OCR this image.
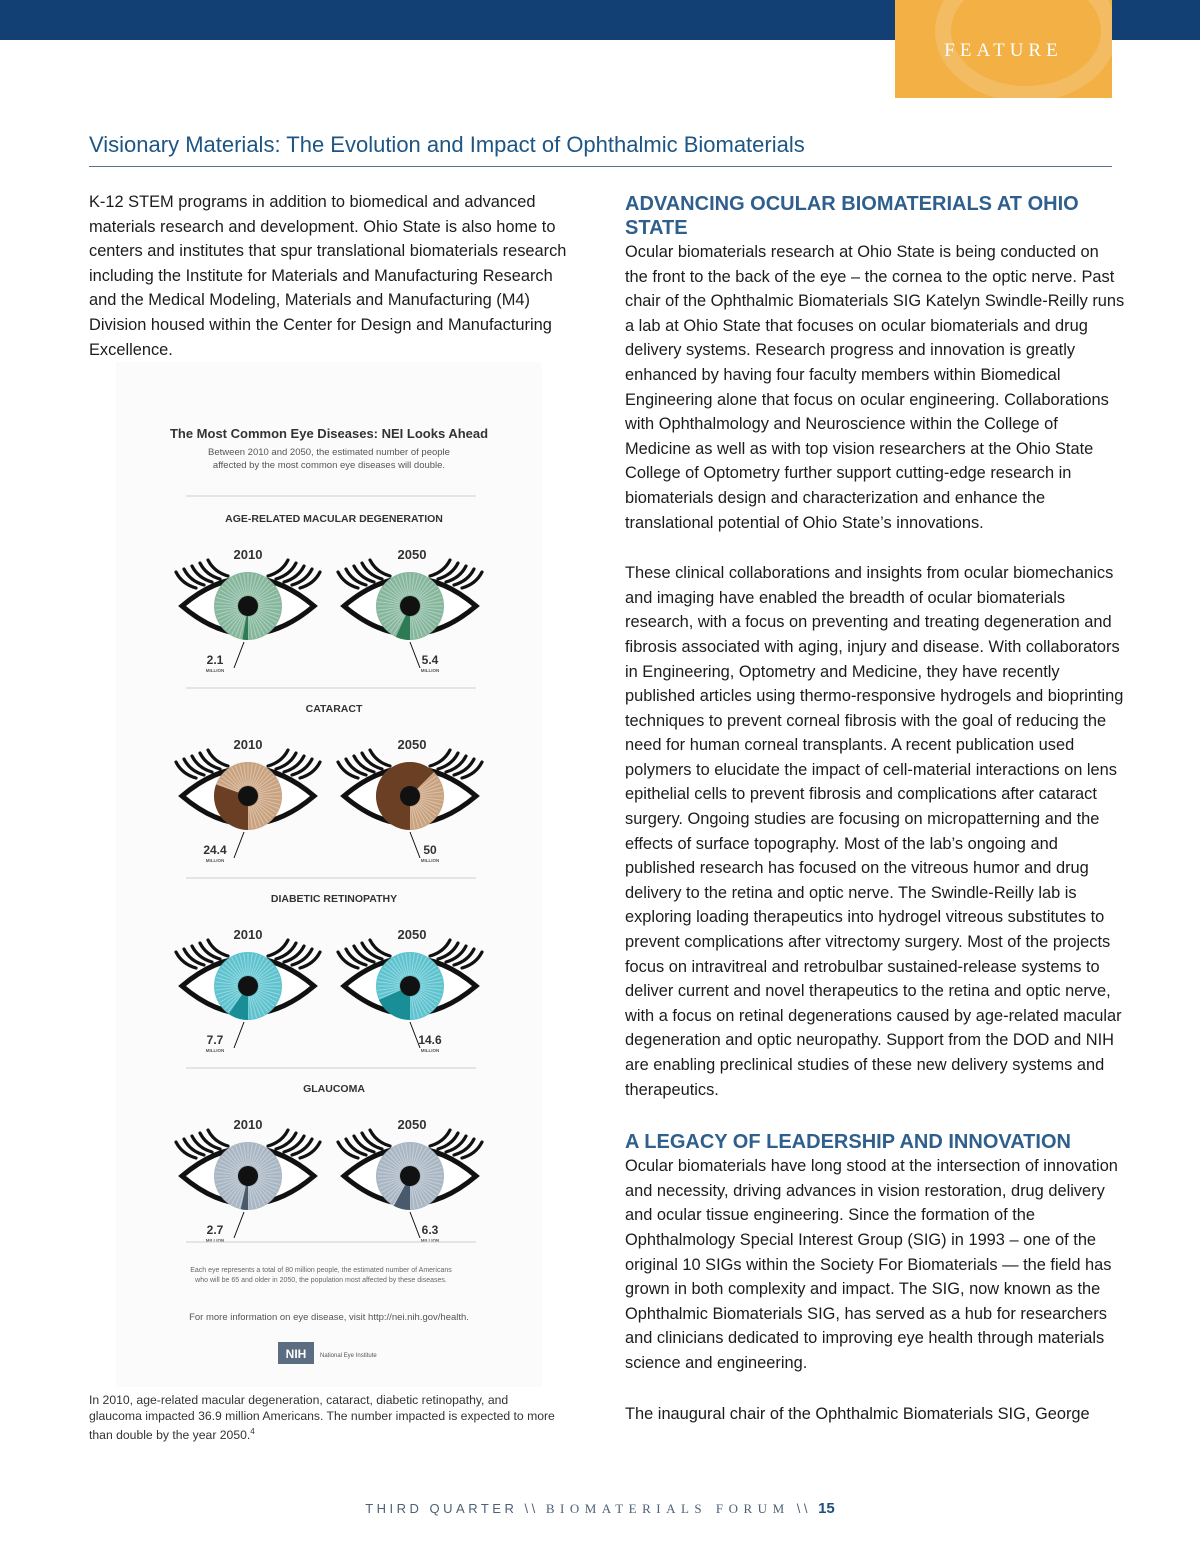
FEATURE
Visionary Materials: The Evolution and Impact of Ophthalmic Biomaterials

K-12 STEM programs in addition to biomedical and advanced materials research and development. Ohio State is also home to centers and institutes that spur translational biomaterials research including the Institute for Materials and Manufacturing Research and the Medical Modeling, Materials and Manufacturing (M4) Division housed within the Center for Design and Manufacturing Excellence.

The Most Common Eye Diseases: NEI Looks Ahead
Between 2010 and 2050, the estimated number of people
affected by the most common eye diseases will double.
AGE-RELATED MACULAR DEGENERATION
2010	2050
2.1
MILLION
5.4
MILLION
CATARACT
2010	2050
24.4
MILLION
50
MILLION
DIABETIC RETINOPATHY
2010	2050
7.7
MILLION
14.6
MILLION
GLAUCOMA
2010	2050
2.7
MILLION
6.3
MILLION
Each eye represents a total of 80 million people, the estimated number of Americans
who will be 65 and older in 2050, the population most affected by these diseases.
For more information on eye disease, visit http://nei.nih.gov/health.
NIH National Eye Institute
In 2010, age-related macular degeneration, cataract, diabetic retinopathy, and glaucoma impacted 36.9 million Americans. The number impacted is expected to more than double by the year 2050.$^4$
ADVANCING OCULAR BIOMATERIALS AT OHIO STATE

Ocular biomaterials research at Ohio State is being conducted on the front to the back of the eye – the cornea to the optic nerve. Past chair of the Ophthalmic Biomaterials SIG Katelyn Swindle-Reilly runs a lab at Ohio State that focuses on ocular biomaterials and drug delivery systems. Research progress and innovation is greatly enhanced by having four faculty members within Biomedical Engineering alone that focus on ocular engineering. Collaborations with Ophthalmology and Neuroscience within the College of Medicine as well as with top vision researchers at the Ohio State College of Optometry further support cutting-edge research in biomaterials design and characterization and enhance the translational potential of Ohio State’s innovations.

These clinical collaborations and insights from ocular biomechanics and imaging have enabled the breadth of ocular biomaterials research, with a focus on preventing and treating degeneration and fibrosis associated with aging, injury and disease. With collaborators in Engineering, Optometry and Medicine, they have recently published articles using thermo-responsive hydrogels and bioprinting techniques to prevent corneal fibrosis with the goal of reducing the need for human corneal transplants. A recent publication used polymers to elucidate the impact of cell-material interactions on lens epithelial cells to prevent fibrosis and complications after cataract surgery. Ongoing studies are focusing on micropatterning and the effects of surface topography. Most of the lab’s ongoing and published research has focused on the vitreous humor and drug delivery to the retina and optic nerve. The Swindle-Reilly lab is exploring loading therapeutics into hydrogel vitreous substitutes to prevent complications after vitrectomy surgery. Most of the projects focus on intravitreal and retrobulbar sustained-release systems to deliver current and novel therapeutics to the retina and optic nerve, with a focus on retinal degenerations caused by age-related macular degeneration and optic neuropathy. Support from the DOD and NIH are enabling preclinical studies of these new delivery systems and therapeutics.

A LEGACY OF LEADERSHIP AND INNOVATION

Ocular biomaterials have long stood at the intersection of innovation and necessity, driving advances in vision restoration, drug delivery and ocular tissue engineering. Since the formation of the Ophthalmology Special Interest Group (SIG) in 1993 – one of the original 10 SIGs within the Society For Biomaterials — the field has grown in both complexity and impact. The SIG, now known as the Ophthalmic Biomaterials SIG, has served as a hub for researchers and clinicians dedicated to improving eye health through materials science and engineering.

The inaugural chair of the Ophthalmic Biomaterials SIG, George

THIRD QUARTER \\ BIOMATERIALS FORUM \\ 15
